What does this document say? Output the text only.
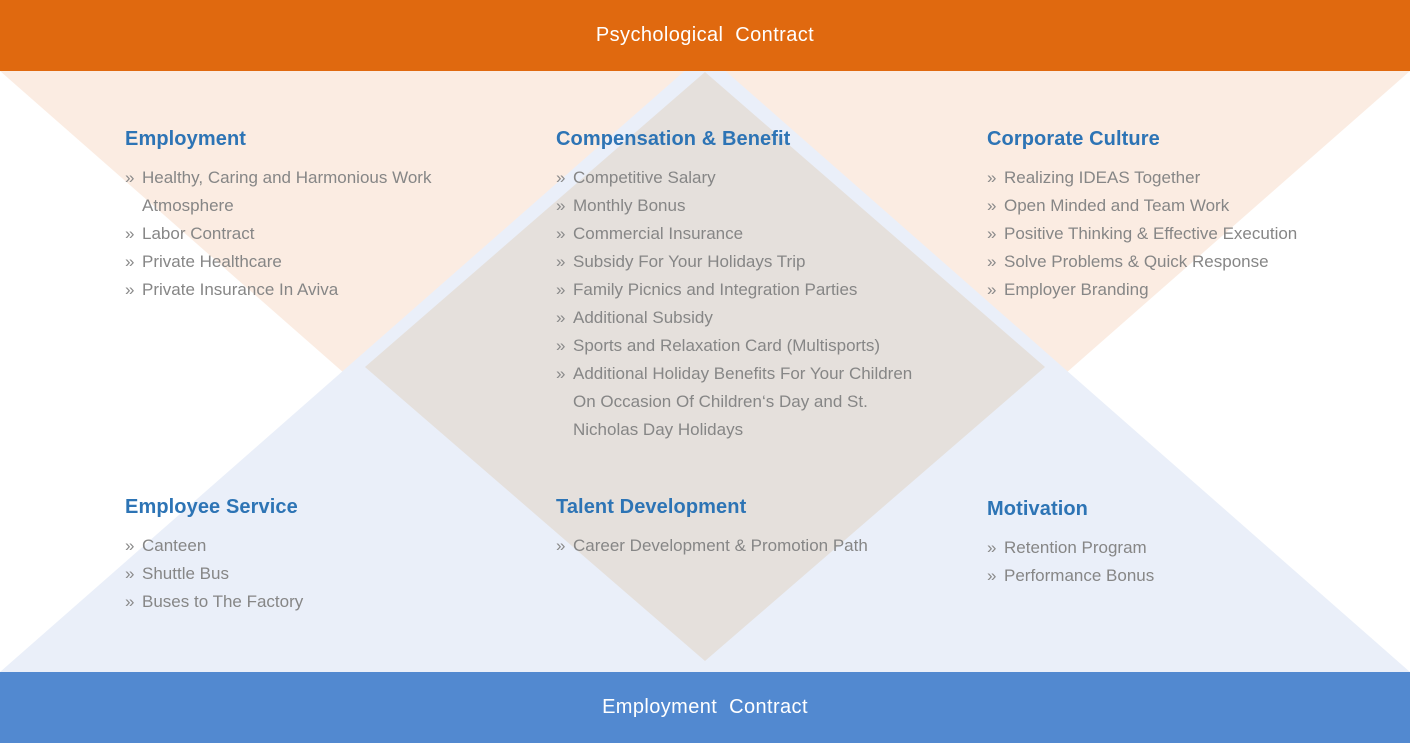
Psychological  Contract
Employment
» Healthy, Caring and Harmonious Work Atmosphere
» Labor Contract
» Private Healthcare
» Private Insurance In Aviva
Compensation & Benefit
» Competitive Salary
» Monthly Bonus
» Commercial Insurance
» Subsidy For Your Holidays Trip
» Family Picnics and Integration Parties
» Additional Subsidy
» Sports and Relaxation Card (Multisports)
» Additional Holiday Benefits For Your Children On Occasion Of Children‘s Day and St. Nicholas Day Holidays
Corporate Culture
» Realizing IDEAS Together
» Open Minded and Team Work
» Positive Thinking & Effective Execution
» Solve Problems & Quick Response
» Employer Branding
Employee Service
» Canteen
» Shuttle Bus
» Buses to The Factory
Talent Development
» Career Development & Promotion Path
Motivation
» Retention Program
» Performance Bonus
Employment  Contract
